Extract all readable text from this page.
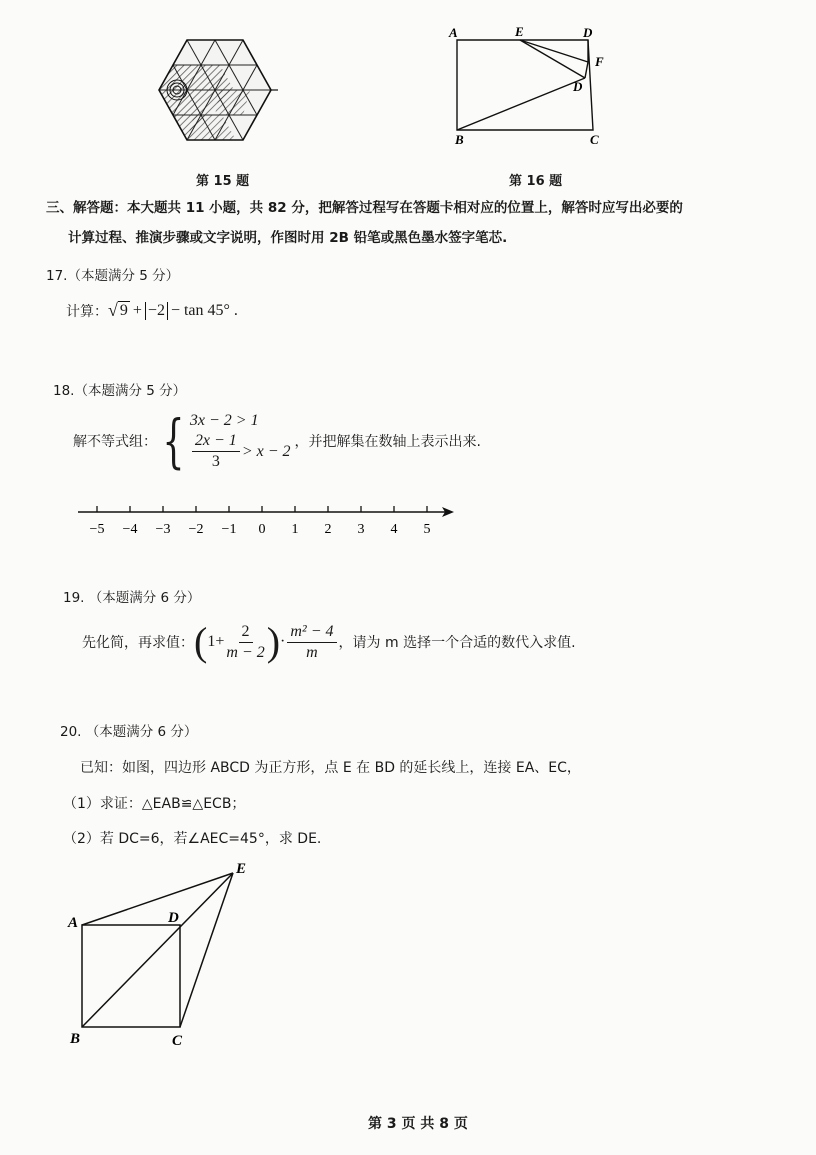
第 15 题
A	E	D
F
D
B	C
第 16 题
三、解答题：本大题共 11 小题，共 82 分，把解答过程写在答题卡相对应的位置上，解答时应写出必要的
计算过程、推演步骤或文字说明，作图时用 2B 铅笔或黑色墨水签字笔芯.
17.（本题满分 5 分）
计算： √ 9 + −2 − tan 45° .
18.（本题满分 5 分）
解不等式组： { 3x − 2 > 1
$\frac{2x - 1}{3} > x - 2$
，并把解集在数轴上表示出来.
−5 −4 −3 −2 −1 0 1 2 3 4 5
19. （本题满分 6 分）
先化简，再求值： ( $1+ \frac{2}{m - 2}$ ) · $\frac{\text{m² − 4}}{m}$ ，请为 m 选择一个合适的数代入求值.
20. （本题满分 6 分）
已知：如图，四边形 ABCD 为正方形，点 E 在 BD 的延长线上，连接 EA、EC，
（1）求证：△EAB≌△ECB；
（2）若 DC=6，若∠AEC=45°，求 DE.
A	D
E
B	C
第 3 页 共 8 页
